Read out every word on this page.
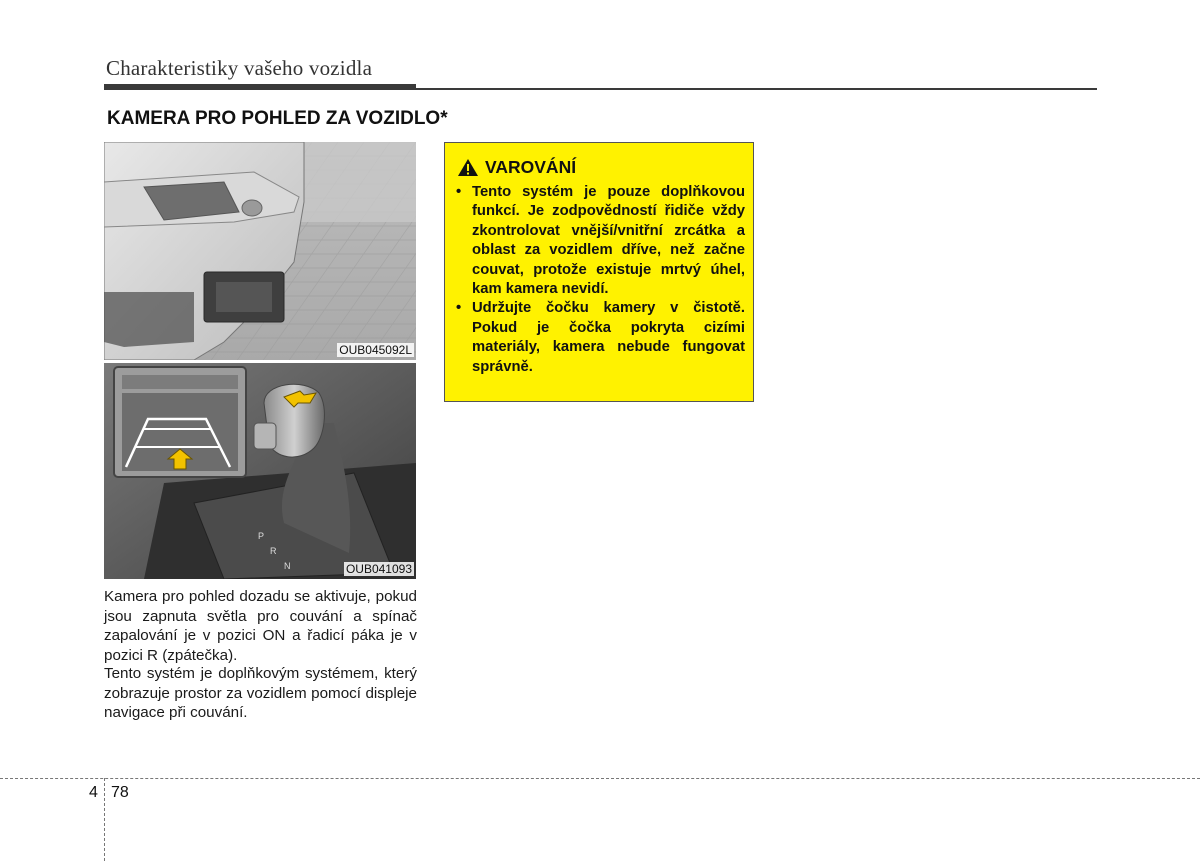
Charakteristiky vašeho vozidla
KAMERA PRO POHLED ZA VOZIDLO*
OUB045092L
P
R
N	OUB041093
Kamera pro pohled dozadu se aktivuje, pokud jsou zapnuta světla pro couvání a spínač zapalování je v pozici ON a řadicí páka je v pozici R (zpátečka).
Tento systém je doplňkovým systémem, který zobrazuje prostor za vozidlem pomocí displeje navigace při couvání.
VAROVÁNÍ
• Tento systém je pouze doplňkovou funkcí. Je zodpovědností řidiče vždy zkontrolovat vnější/vnitřní zrcátka a oblast za vozidlem dříve, než začne couvat, protože existuje mrtvý úhel, kam kamera nevidí.
• Udržujte čočku kamery v čistotě. Pokud je čočka pokryta cizími materiály, kamera nebude fungovat správně.
4 78
